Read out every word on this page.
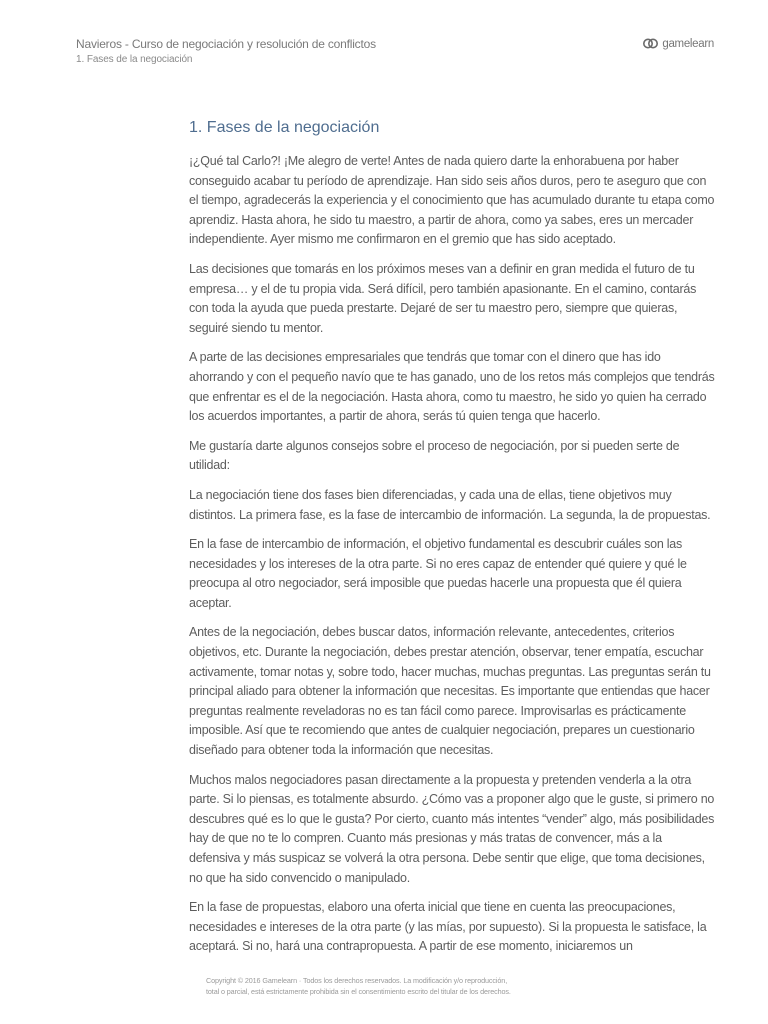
Navieros - Curso de negociación y resolución de conflictos
1. Fases de la negociación
gamelearn
1. Fases de la negociación

¡¿Qué tal Carlo?! ¡Me alegro de verte! Antes de nada quiero darte la enhorabuena por haber conseguido acabar tu período de aprendizaje. Han sido seis años duros, pero te aseguro que con el tiempo, agradecerás la experiencia y el conocimiento que has acumulado durante tu etapa como aprendiz. Hasta ahora, he sido tu maestro, a partir de ahora, como ya sabes, eres un mercader independiente. Ayer mismo me confirmaron en el gremio que has sido aceptado.

Las decisiones que tomarás en los próximos meses van a definir en gran medida el futuro de tu empresa… y el de tu propia vida. Será difícil, pero también apasionante. En el camino, contarás con toda la ayuda que pueda prestarte. Dejaré de ser tu maestro pero, siempre que quieras, seguiré siendo tu mentor.

A parte de las decisiones empresariales que tendrás que tomar con el dinero que has ido ahorrando y con el pequeño navío que te has ganado, uno de los retos más complejos que tendrás que enfrentar es el de la negociación. Hasta ahora, como tu maestro, he sido yo quien ha cerrado los acuerdos importantes, a partir de ahora, serás tú quien tenga que hacerlo.

Me gustaría darte algunos consejos sobre el proceso de negociación, por si pueden serte de utilidad:

La negociación tiene dos fases bien diferenciadas, y cada una de ellas, tiene objetivos muy distintos. La primera fase, es la fase de intercambio de información. La segunda, la de propuestas.

En la fase de intercambio de información, el objetivo fundamental es descubrir cuáles son las necesidades y los intereses de la otra parte. Si no eres capaz de entender qué quiere y qué le preocupa al otro negociador, será imposible que puedas hacerle una propuesta que él quiera aceptar.

Antes de la negociación, debes buscar datos, información relevante, antecedentes, criterios objetivos, etc. Durante la negociación, debes prestar atención, observar, tener empatía, escuchar activamente, tomar notas y, sobre todo, hacer muchas, muchas preguntas. Las preguntas serán tu principal aliado para obtener la información que necesitas. Es importante que entiendas que hacer preguntas realmente reveladoras no es tan fácil como parece. Improvisarlas es prácticamente imposible. Así que te recomiendo que antes de cualquier negociación, prepares un cuestionario diseñado para obtener toda la información que necesitas.

Muchos malos negociadores pasan directamente a la propuesta y pretenden venderla a la otra parte. Si lo piensas, es totalmente absurdo. ¿Cómo vas a proponer algo que le guste, si primero no descubres qué es lo que le gusta? Por cierto, cuanto más intentes “vender” algo, más posibilidades hay de que no te lo compren. Cuanto más presionas y más tratas de convencer, más a la defensiva y más suspicaz se volverá la otra persona. Debe sentir que elige, que toma decisiones, no que ha sido convencido o manipulado.

En la fase de propuestas, elaboro una oferta inicial que tiene en cuenta las preocupaciones, necesidades e intereses de la otra parte (y las mías, por supuesto). Si la propuesta le satisface, la aceptará. Si no, hará una contrapropuesta. A partir de ese momento, iniciaremos un

Copyright © 2016 Gamelearn · Todos los derechos reservados. La modificación y/o reproducción,
total o parcial, está estrictamente prohibida sin el consentimiento escrito del titular de los derechos.
